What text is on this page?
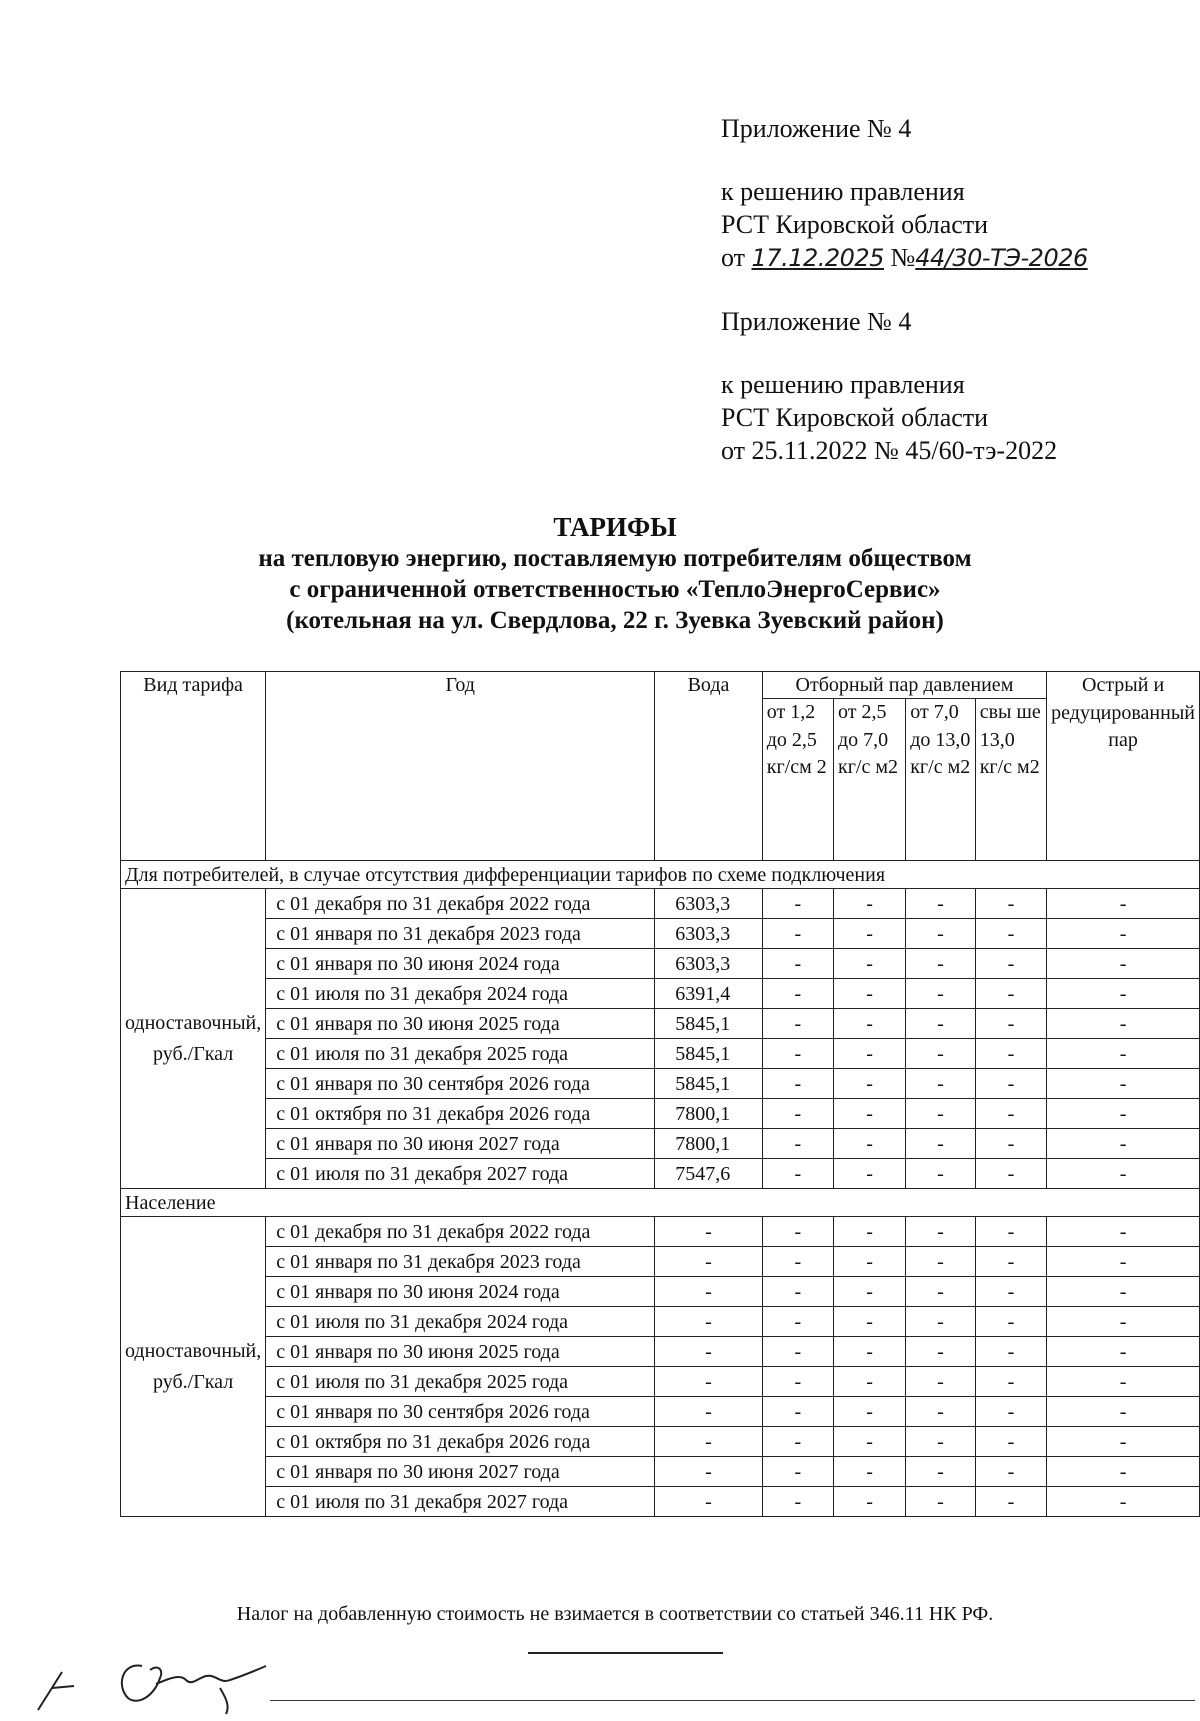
Приложение № 4
к решению правления
РСТ Кировской области
от 17.12.2025 №44/30-ТЭ-2026
Приложение № 4
к решению правления
РСТ Кировской области
от 25.11.2022 № 45/60-тэ-2022
ТАРИФЫ
на тепловую энергию, поставляемую потребителям обществом
с ограниченной ответственностью «ТеплоЭнергоСервис»
(котельная на ул. Свердлова, 22 г. Зуевка Зуевский район)
Вид тарифа	Год	Вода	Отборный пар давлением				Острый и редуцированный пар
			от 1,2 до 2,5 кг/см 2	от 2,5 до 7,0 кг/с м2	от 7,0 до 13,0 кг/с м2	свы ше 13,0 кг/с м2	
Для потребителей, в случае отсутствия дифференциации тарифов по схеме подключения							
одноставочный, руб./Гкал	с 01 декабря по 31 декабря 2022 года	6303,3	-	-	-	-	-
	с 01 января по 31 декабря 2023 года	6303,3	-	-	-	-	-
	с 01 января по 30 июня 2024 года	6303,3	-	-	-	-	-
	с 01 июля по 31 декабря 2024 года	6391,4	-	-	-	-	-
	с 01 января по 30 июня 2025 года	5845,1	-	-	-	-	-
	с 01 июля по 31 декабря 2025 года	5845,1	-	-	-	-	-
	с 01 января по 30 сентября 2026 года	5845,1	-	-	-	-	-
	с 01 октября по 31 декабря 2026 года	7800,1	-	-	-	-	-
	с 01 января по 30 июня 2027 года	7800,1	-	-	-	-	-
	с 01 июля по 31 декабря 2027 года	7547,6	-	-	-	-	-
Население							
одноставочный, руб./Гкал	с 01 декабря по 31 декабря 2022 года	-	-	-	-	-	-
	с 01 января по 31 декабря 2023 года	-	-	-	-	-	-
	с 01 января по 30 июня 2024 года	-	-	-	-	-	-
	с 01 июля по 31 декабря 2024 года	-	-	-	-	-	-
	с 01 января по 30 июня 2025 года	-	-	-	-	-	-
	с 01 июля по 31 декабря 2025 года	-	-	-	-	-	-
	с 01 января по 30 сентября 2026 года	-	-	-	-	-	-
	с 01 октября по 31 декабря 2026 года	-	-	-	-	-	-
	с 01 января по 30 июня 2027 года	-	-	-	-	-	-
	с 01 июля по 31 декабря 2027 года	-	-	-	-	-	-
Налог на добавленную стоимость не взимается в соответствии со статьей 346.11 НК РФ.
